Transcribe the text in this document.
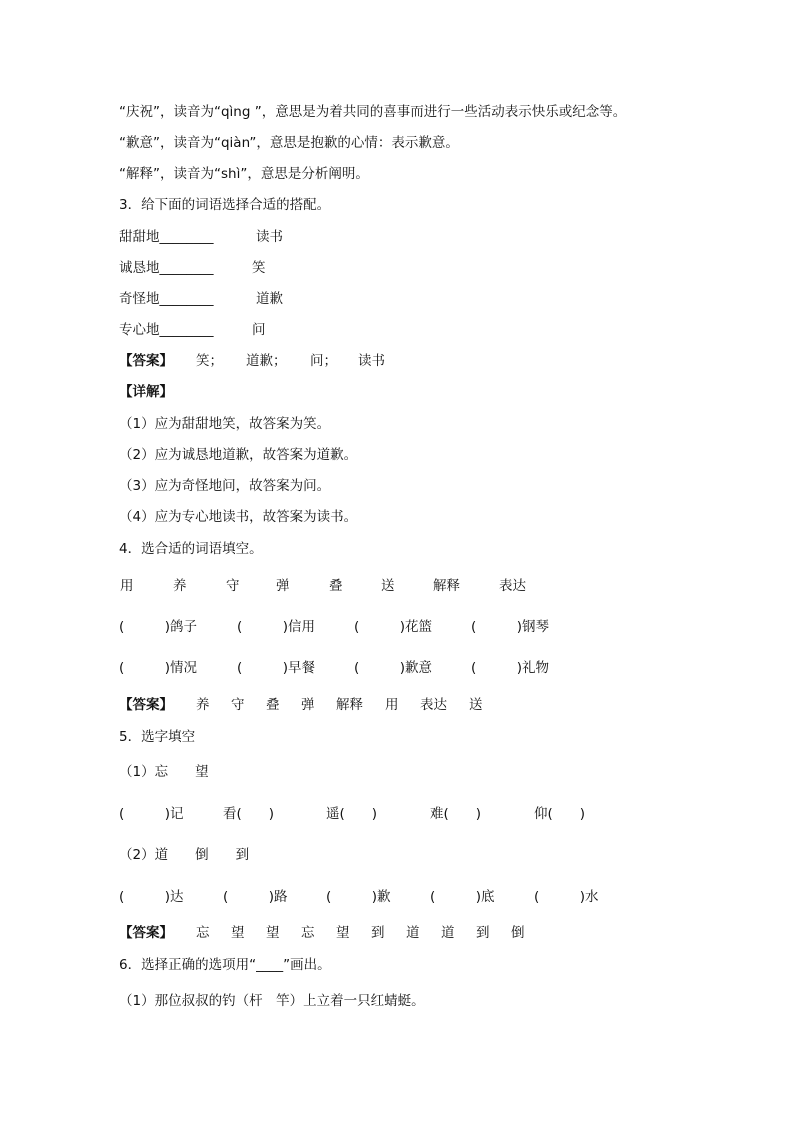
“庆祝”，读音为“qìng ”，意思是为着共同的喜事而进行一些活动表示快乐或纪念等。
“歉意”，读音为“qiàn”，意思是抱歉的心情：表示歉意。
“解释”，读音为“shì”，意思是分析阐明。
3．给下面的词语选择合适的搭配。
甜甜地________	读书
诚恳地________	笑
奇怪地________	道歉
专心地________	问
【答案】 笑； 道歉； 问； 读书
【详解】
（1）应为甜甜地笑，故答案为笑。
（2）应为诚恳地道歉，故答案为道歉。
（3）应为奇怪地问，故答案为问。
（4）应为专心地读书，故答案为读书。
4．选合适的词语填空。
用	养	守	弹	叠	送	解释	表达
(　　　)鸽子	(　　　)信用	(　　　)花篮	(　　　)钢琴
(　　　)情况	(　　　)早餐	(　　　)歉意	(　　　)礼物
【答案】 养 守 叠 弹 解释 用 表达 送
5．选字填空
（1）忘　　望
(　　　)记	看(　　)	遥(　　)	难(　　)	仰(　　)
（2）道　　倒　　到
(　　　)达	(　　　)路	(　　　)歉	(　　　)底	(　　　)水
【答案】 忘 望 望 忘 望 到 道 道 到 倒
6．选择正确的选项用“____”画出。
（1）那位叔叔的钓（杆　竿）上立着一只红蜻蜓。
